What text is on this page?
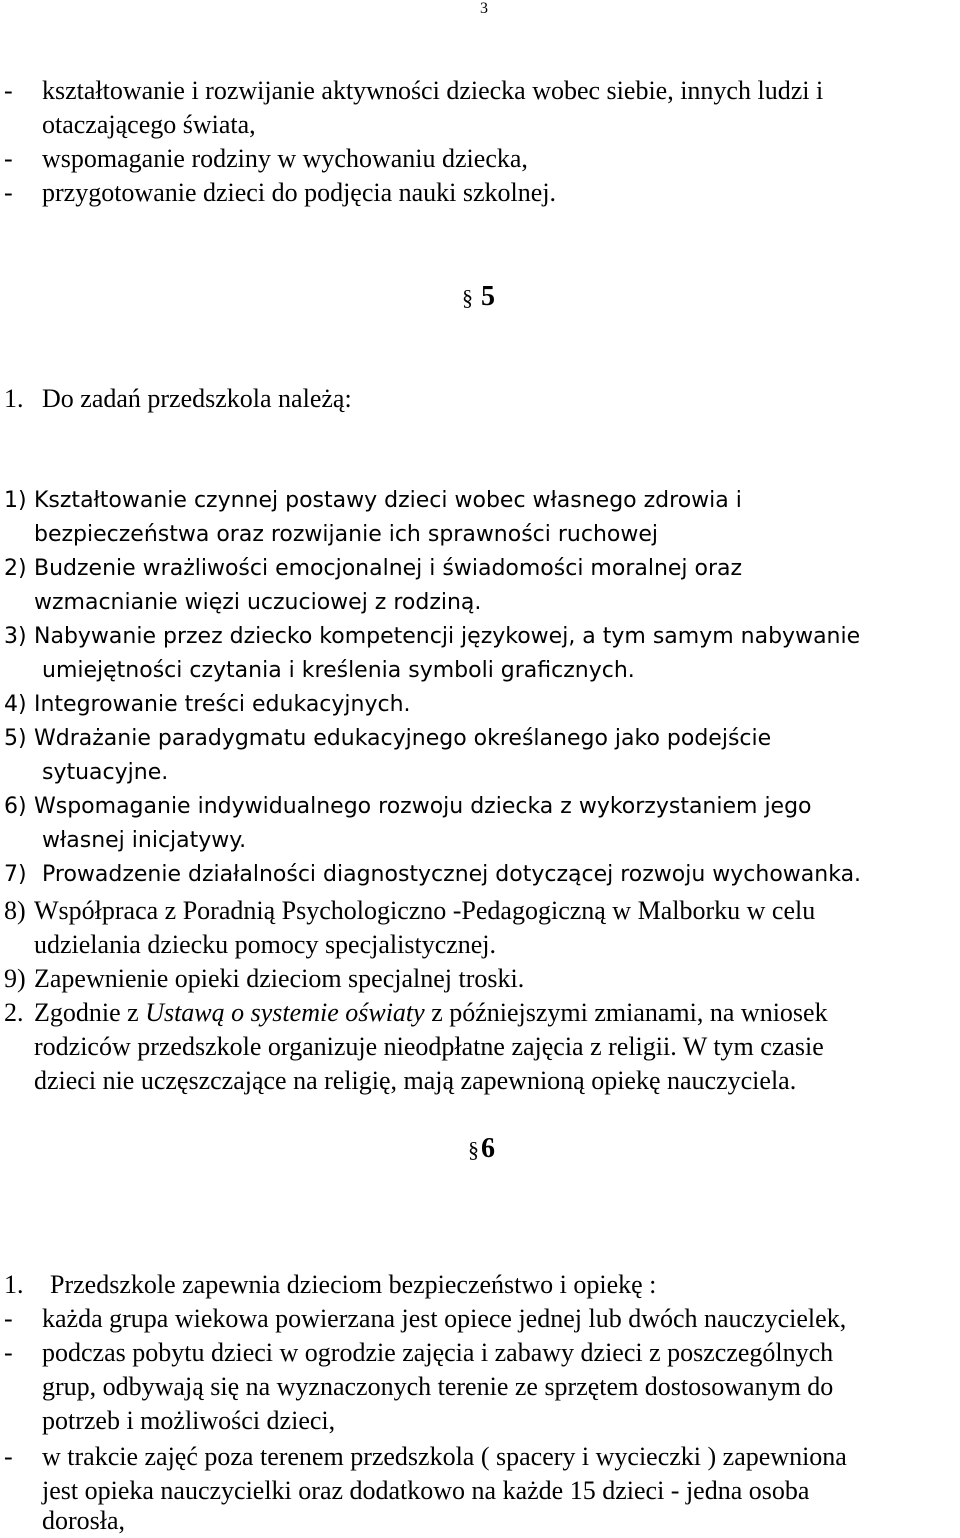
3
- kształtowanie i rozwijanie aktywności dziecka wobec siebie, innych ludzi i
otaczającego świata,
- wspomaganie rodziny w wychowaniu dziecka,
- przygotowanie dzieci do podjęcia nauki szkolnej.
§ 5
1. Do zadań przedszkola należą:
1) Kształtowanie czynnej postawy dzieci wobec własnego zdrowia i
bezpieczeństwa oraz rozwijanie ich sprawności ruchowej
2) Budzenie wrażliwości emocjonalnej i świadomości moralnej oraz
wzmacnianie więzi uczuciowej z rodziną.
3) Nabywanie przez dziecko kompetencji językowej, a tym samym nabywanie
umiejętności czytania i kreślenia symboli graficznych.
4) Integrowanie treści edukacyjnych.
5) Wdrażanie paradygmatu edukacyjnego określanego jako podejście
sytuacyjne.
6) Wspomaganie indywidualnego rozwoju dziecka z wykorzystaniem jego
własnej inicjatywy.
7) Prowadzenie działalności diagnostycznej dotyczącej rozwoju wychowanka.
8) Współpraca z Poradnią Psychologiczno -Pedagogiczną w Malborku w celu
udzielania dziecku pomocy specjalistycznej.
9) Zapewnienie opieki dzieciom specjalnej troski.
2. Zgodnie z Ustawą o systemie oświaty z późniejszymi zmianami, na wniosek
rodziców przedszkole organizuje nieodpłatne zajęcia z religii. W tym czasie
dzieci nie uczęszczające na religię, mają zapewnioną opiekę nauczyciela.
§6
1. Przedszkole zapewnia dzieciom bezpieczeństwo i opiekę :
- każda grupa wiekowa powierzana jest opiece jednej lub dwóch nauczycielek,
- podczas pobytu dzieci w ogrodzie zajęcia i zabawy dzieci z poszczególnych
grup, odbywają się na wyznaczonych terenie ze sprzętem dostosowanym do
potrzeb i możliwości dzieci,
- w trakcie zajęć poza terenem przedszkola ( spacery i wycieczki ) zapewniona
jest opieka nauczycielki oraz dodatkowo na każde 15 dzieci - jedna osoba
dorosła,
